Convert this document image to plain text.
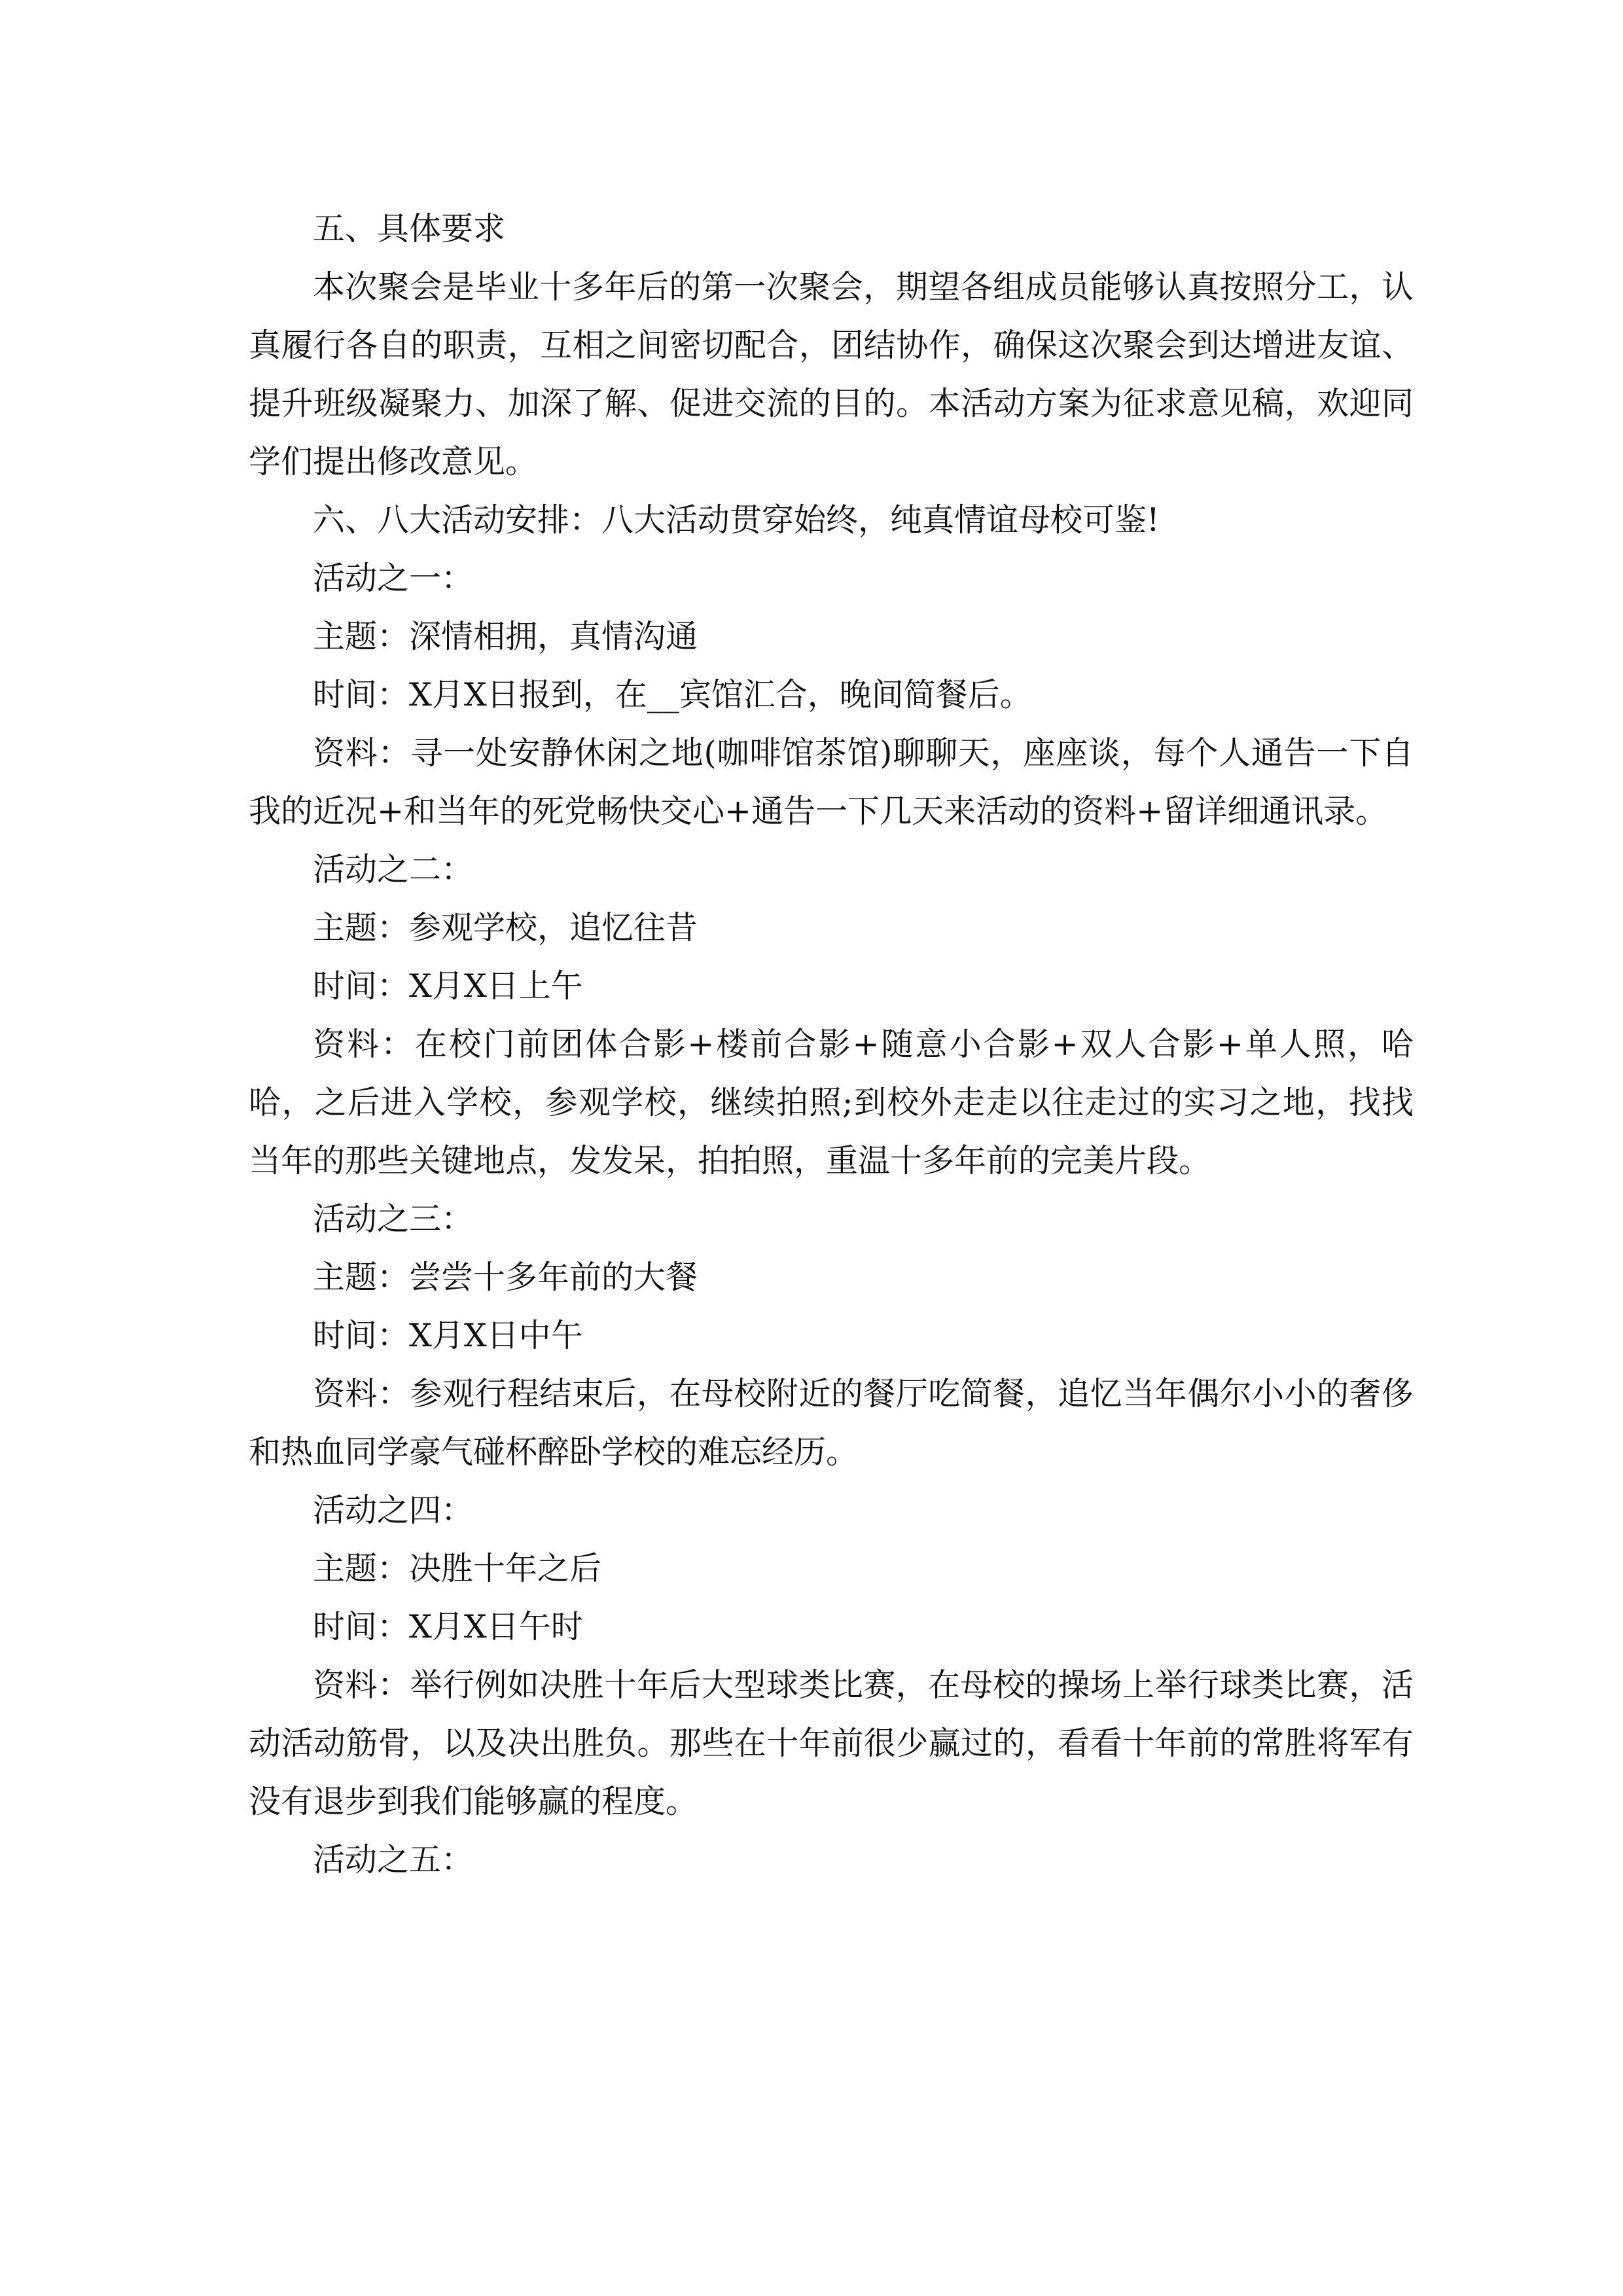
五、具体要求

本次聚会是毕业十多年后的第一次聚会，期望各组成员能够认真按照分工，认真履行各自的职责，互相之间密切配合，团结协作，确保这次聚会到达增进友谊、提升班级凝聚力、加深了解、促进交流的目的。本活动方案为征求意见稿，欢迎同学们提出修改意见。

六、八大活动安排：八大活动贯穿始终，纯真情谊母校可鉴!

活动之一：

主题：深情相拥，真情沟通

时间：X月X日报到，在__宾馆汇合，晚间简餐后。

资料：寻一处安静休闲之地(咖啡馆茶馆)聊聊天，座座谈，每个人通告一下自我的近况+和当年的死党畅快交心+通告一下几天来活动的资料+留详细通讯录。

活动之二：

主题：参观学校，追忆往昔

时间：X月X日上午

资料：在校门前团体合影+楼前合影+随意小合影+双人合影+单人照，哈哈，之后进入学校，参观学校，继续拍照;到校外走走以往走过的实习之地，找找当年的那些关键地点，发发呆，拍拍照，重温十多年前的完美片段。

活动之三：

主题：尝尝十多年前的大餐

时间：X月X日中午

资料：参观行程结束后，在母校附近的餐厅吃简餐，追忆当年偶尔小小的奢侈和热血同学豪气碰杯醉卧学校的难忘经历。

活动之四：

主题：决胜十年之后

时间：X月X日午时

资料：举行例如决胜十年后大型球类比赛，在母校的操场上举行球类比赛，活动活动筋骨，以及决出胜负。那些在十年前很少赢过的，看看十年前的常胜将军有没有退步到我们能够赢的程度。

活动之五：
